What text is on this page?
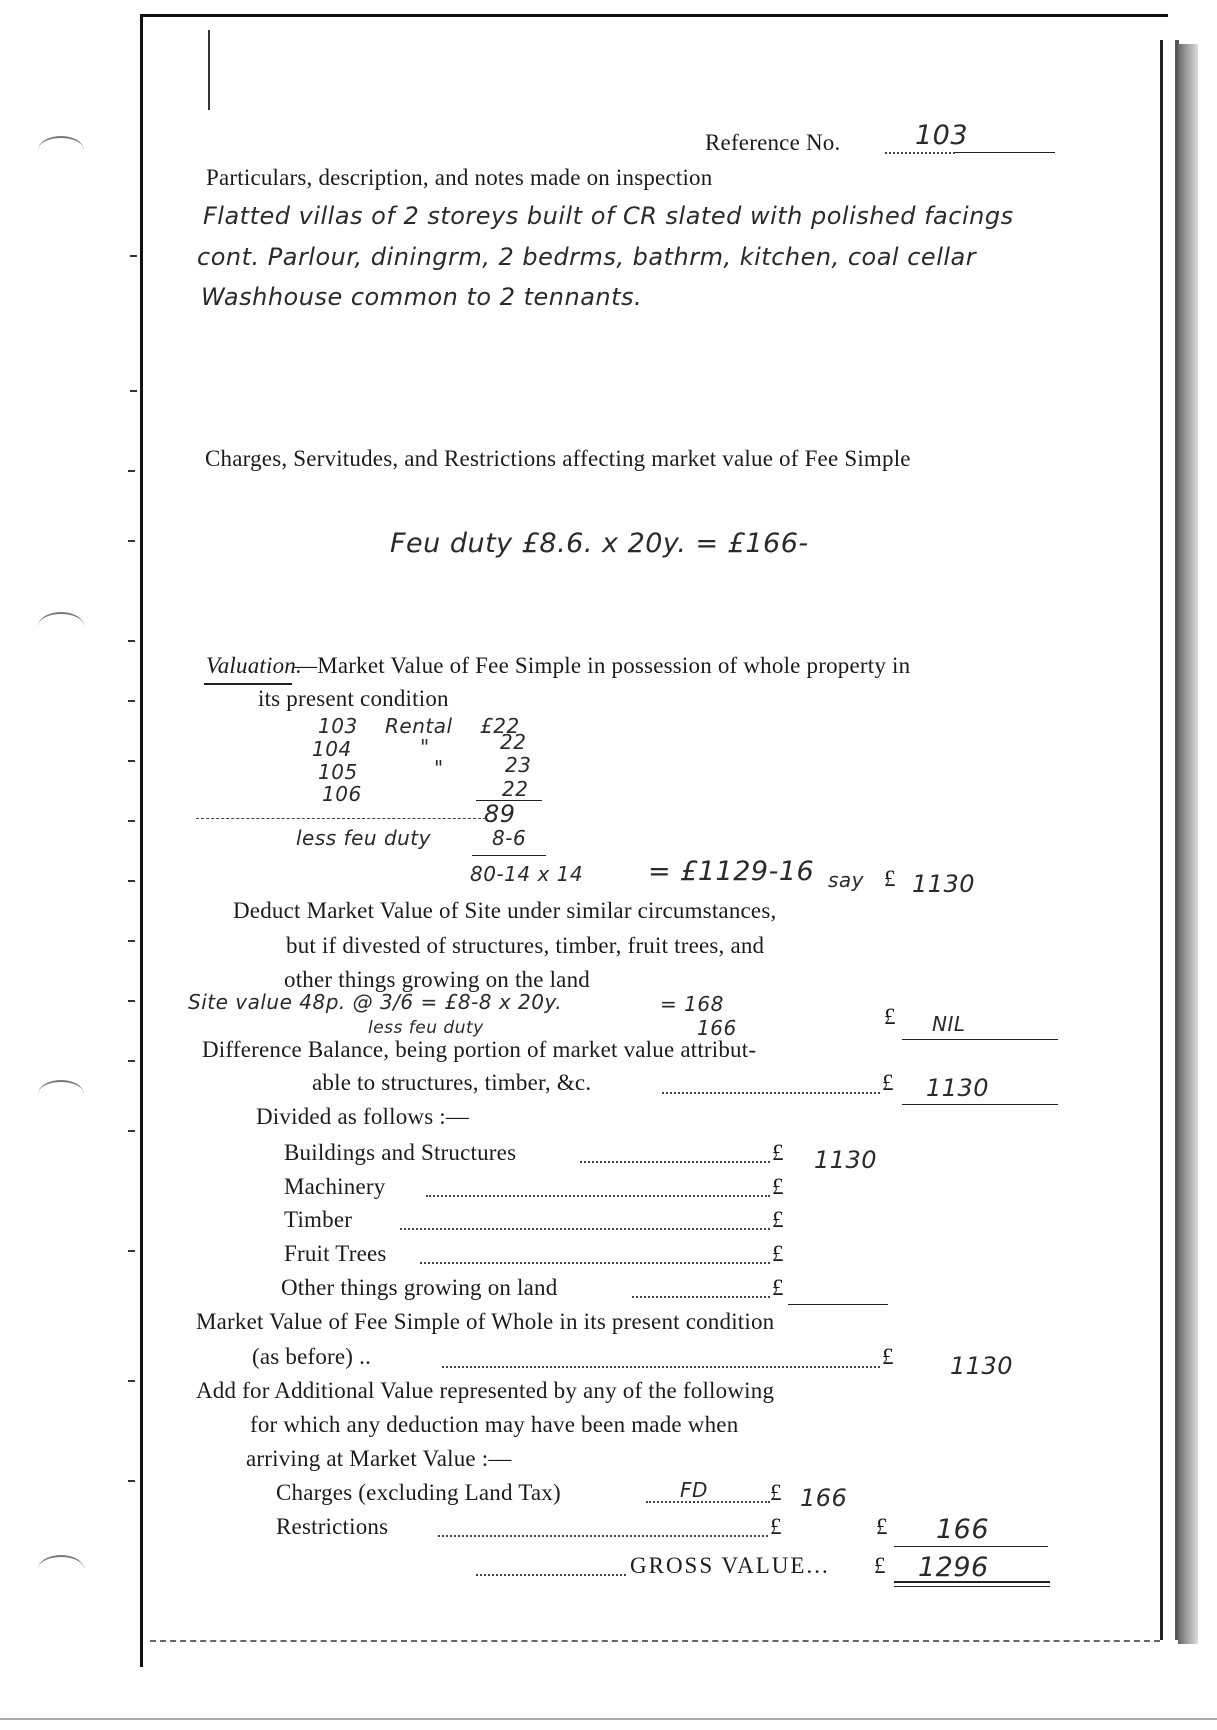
Reference No.	103
Particulars, description, and notes made on inspection
Flatted villas of 2 storeys built of CR slated with polished facings
cont. Parlour, diningrm, 2 bedrms, bathrm, kitchen, coal cellar
Washhouse common to 2 tennants.
Charges, Servitudes, and Restrictions affecting market value of Fee Simple
Feu duty £8.6. x 20y. = £166-
Valuation.
—Market Value of Fee Simple in possession of whole property in
its present condition
103 Rental £22
104	"	22
105	"	23
106	22
89
less feu duty	8-6
80-14 x 14 = £1129-16 say £ 1130
Deduct Market Value of Site under similar circumstances,
but if divested of structures, timber, fruit trees, and
other things growing on the land
Site value 48p. @ 3/6 = £8-8 x 20y.	= 168
166
less feu duty	£ NIL
Difference Balance, being portion of market value attribut-
able to structures, timber, &c.	£ 1130
Divided as follows :—
Buildings and Structures	£ 1130
Machinery	£
Timber	£
Fruit Trees	£
Other things growing on land	£
Market Value of Fee Simple of Whole in its present condition
(as before) ..	£ 1130
Add for Additional Value represented by any of the following
for which any deduction may have been made when
arriving at Market Value :—
Charges (excluding Land Tax)	FD	£ 166
Restrictions	£	£ 166
GROSS VALUE... £ 1296
